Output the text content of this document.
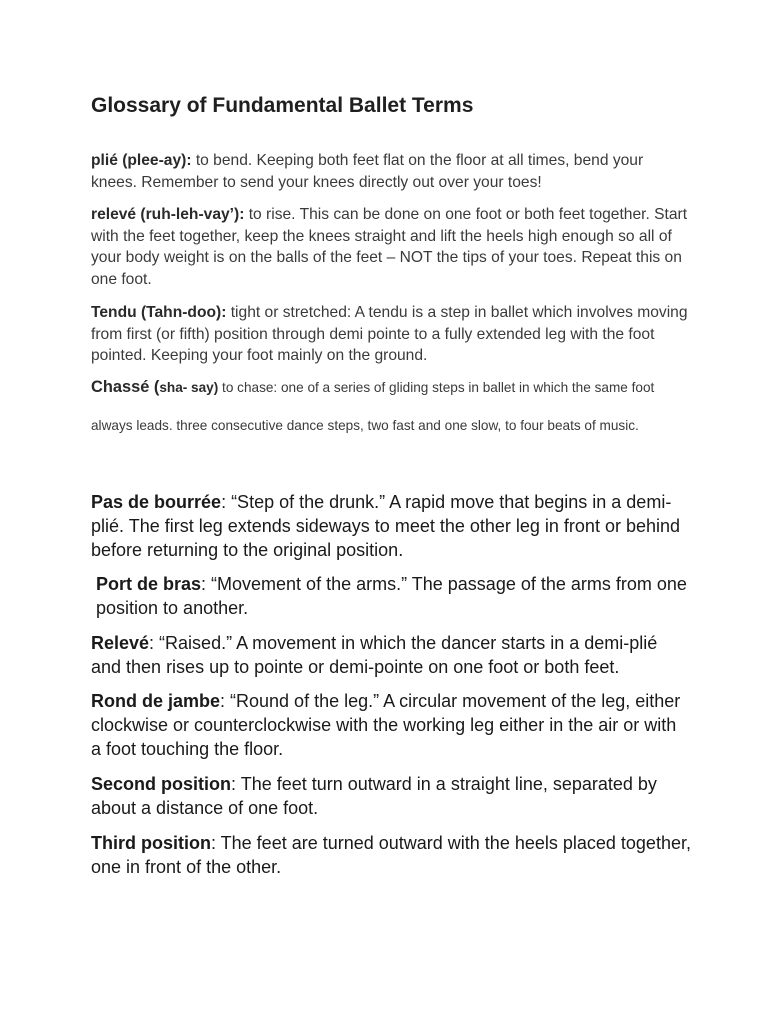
Glossary of Fundamental Ballet Terms

plié (plee-ay): to bend. Keeping both feet flat on the floor at all times, bend your knees. Remember to send your knees directly out over your toes!

relevé (ruh-leh-vay’): to rise. This can be done on one foot or both feet together. Start with the feet together, keep the knees straight and lift the heels high enough so all of your body weight is on the balls of the feet – NOT the tips of your toes. Repeat this on one foot.

Tendu (Tahn-doo): tight or stretched: A tendu is a step in ballet which involves moving from first (or fifth) position through demi pointe to a fully extended leg with the foot pointed. Keeping your foot mainly on the ground.

Chassé (sha- say) to chase: one of a series of gliding steps in ballet in which the same foot always leads. three consecutive dance steps, two fast and one slow, to four beats of music.

Pas de bourrée: “Step of the drunk.” A rapid move that begins in a demi-plié. The first leg extends sideways to meet the other leg in front or behind before returning to the original position.

Port de bras: “Movement of the arms.” The passage of the arms from one position to another.

Relevé: “Raised.” A movement in which the dancer starts in a demi-plié and then rises up to pointe or demi-pointe on one foot or both feet.

Rond de jambe: “Round of the leg.” A circular movement of the leg, either clockwise or counterclockwise with the working leg either in the air or with a foot touching the floor.

Second position: The feet turn outward in a straight line, separated by about a distance of one foot.

Third position: The feet are turned outward with the heels placed together, one in front of the other.
